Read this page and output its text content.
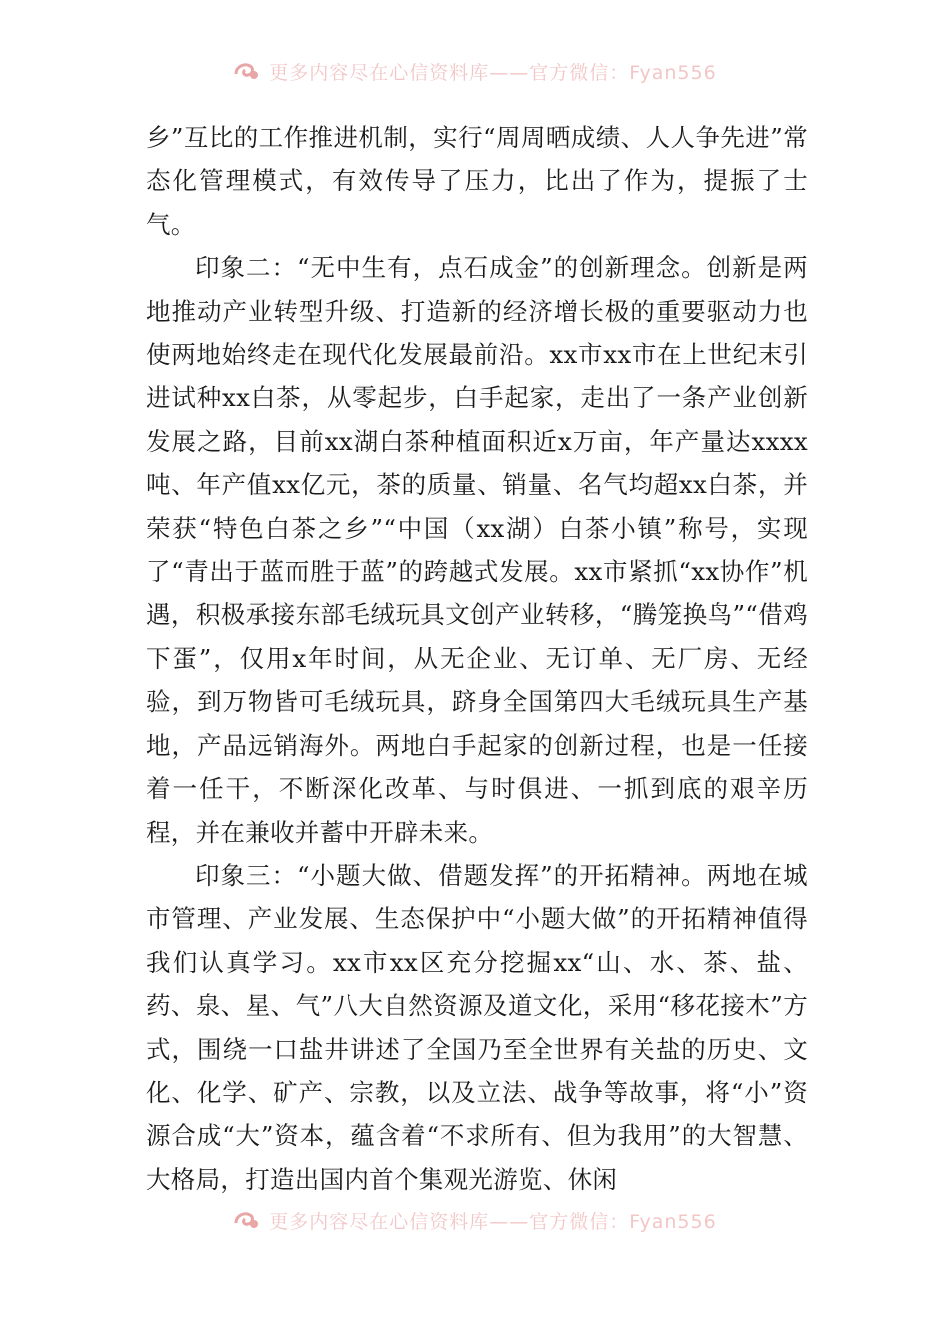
更多内容尽在心信资料库——官方微信：Fyan556

乡”互比的工作推进机制，实行“周周晒成绩、人人争先进”常态化管理模式，有效传导了压力，比出了作为，提振了士气。

印象二：“无中生有，点石成金”的创新理念。创新是两地推动产业转型升级、打造新的经济增长极的重要驱动力也使两地始终走在现代化发展最前沿。xx市xx市在上世纪末引进试种xx白茶，从零起步，白手起家，走出了一条产业创新发展之路，目前xx湖白茶种植面积近x万亩，年产量达xxxx吨、年产值xx亿元，茶的质量、销量、名气均超xx白茶，并荣获“特色白茶之乡”“中国（xx湖）白茶小镇”称号，实现了“青出于蓝而胜于蓝”的跨越式发展。xx市紧抓“xx协作”机遇，积极承接东部毛绒玩具文创产业转移，“腾笼换鸟”“借鸡下蛋”，仅用x年时间，从无企业、无订单、无厂房、无经验，到万物皆可毛绒玩具，跻身全国第四大毛绒玩具生产基地，产品远销海外。两地白手起家的创新过程，也是一任接着一任干，不断深化改革、与时俱进、一抓到底的艰辛历程，并在兼收并蓄中开辟未来。

印象三：“小题大做、借题发挥”的开拓精神。两地在城市管理、产业发展、生态保护中“小题大做”的开拓精神值得我们认真学习。xx市xx区充分挖掘xx“山、水、茶、盐、药、泉、星、气”八大自然资源及道文化，采用“移花接木”方式，围绕一口盐井讲述了全国乃至全世界有关盐的历史、文化、化学、矿产、宗教，以及立法、战争等故事，将“小”资源合成“大”资本，蕴含着“不求所有、但为我用”的大智慧、大格局，打造出国内首个集观光游览、休闲

更多内容尽在心信资料库——官方微信：Fyan556
